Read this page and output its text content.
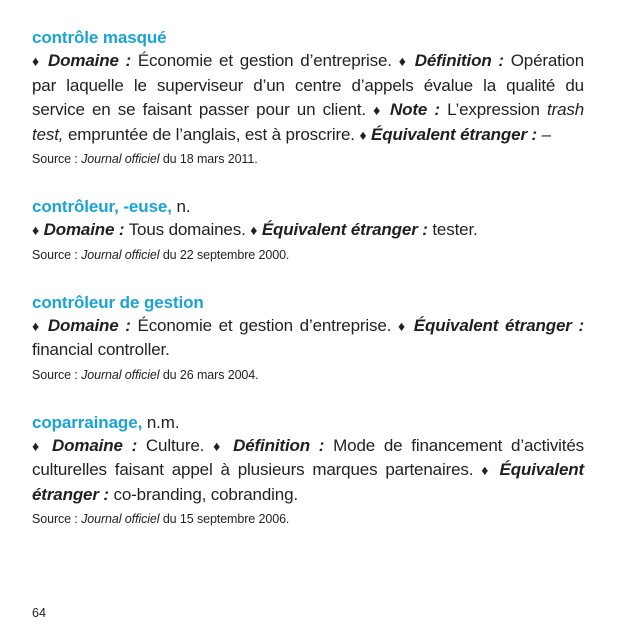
contrôle masqué
♦ Domaine : Économie et gestion d’entreprise. ♦ Définition : Opération par laquelle le superviseur d’un centre d’appels évalue la qualité du service en se faisant passer pour un client. ♦ Note : L’expression trash test, empruntée de l’anglais, est à proscrire. ♦ Équivalent étranger : –
Source : Journal officiel du 18 mars 2011.
contrôleur, -euse, n.
♦ Domaine : Tous domaines. ♦ Équivalent étranger : tester.
Source : Journal officiel du 22 septembre 2000.
contrôleur de gestion
♦ Domaine : Économie et gestion d’entreprise. ♦ Équivalent étranger : financial controller.
Source : Journal officiel du 26 mars 2004.
coparrainage, n.m.
♦ Domaine : Culture. ♦ Définition : Mode de financement d’activités culturelles faisant appel à plusieurs marques partenaires. ♦ Équivalent étranger : co-branding, cobranding.
Source : Journal officiel du 15 septembre 2006.
64
